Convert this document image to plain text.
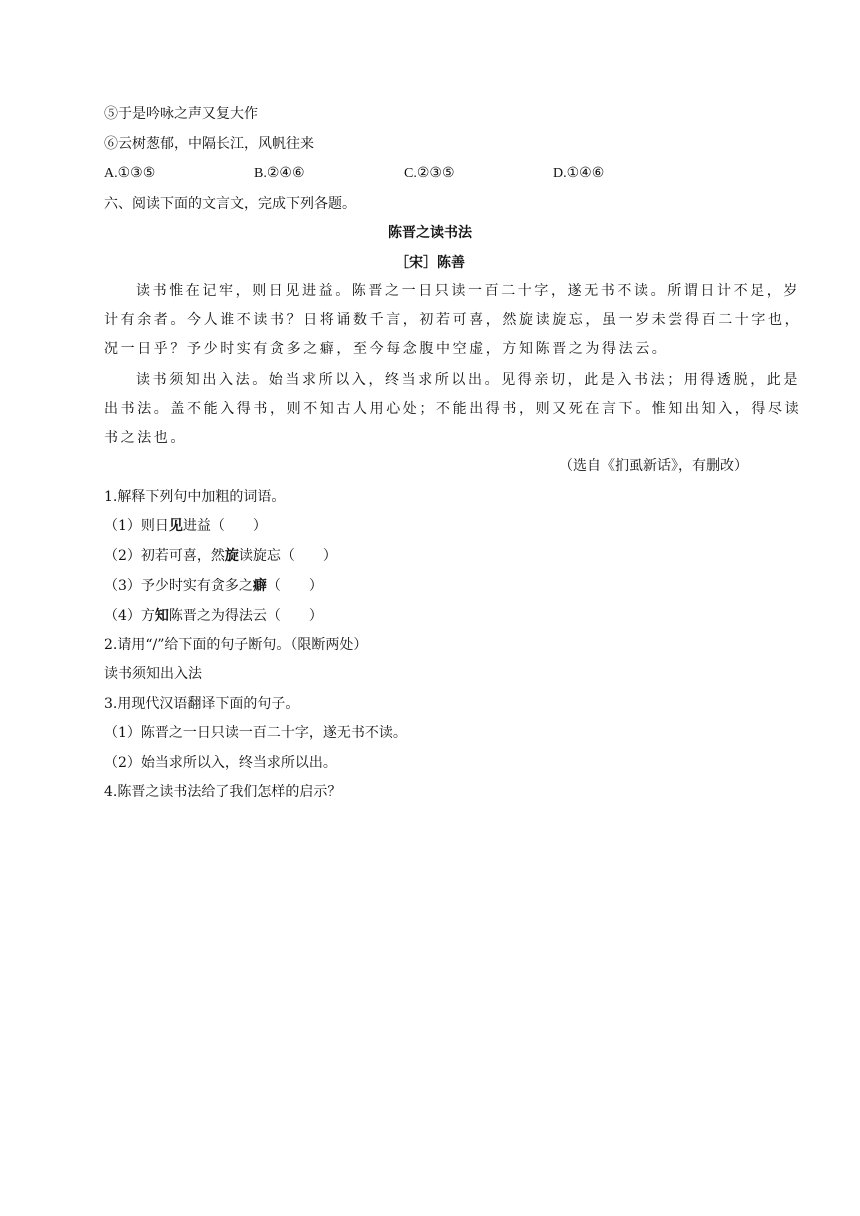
⑤于是吟咏之声又复大作
⑥云树葱郁，中隔长江，风帆往来
A.①③⑤	B.②④⑥	C.②③⑤	D.①④⑥
六、阅读下面的文言文，完成下列各题。
陈晋之读书法
［宋］陈善
读书惟在记牢，则日见进益。陈晋之一日只读一百二十字，遂无书不读。所谓日计不足，岁
计有余者。今人谁不读书？日将诵数千言，初若可喜，然旋读旋忘，虽一岁未尝得百二十字也，
况一日乎？予少时实有贪多之癖，至今每念腹中空虚，方知陈晋之为得法云。
读书须知出入法。始当求所以入，终当求所以出。见得亲切，此是入书法；用得透脱，此是
出书法。盖不能入得书，则不知古人用心处；不能出得书，则又死在言下。惟知出知入，得尽读
书之法也。
（选自《扪虱新话》，有删改）
1.解释下列句中加粗的词语。
（1）则日见进益（　　）
（2）初若可喜，然旋读旋忘（　　）
（3）予少时实有贪多之癖（　　）
（4）方知陈晋之为得法云（　　）
2.请用“/”给下面的句子断句。（限断两处）
读书须知出入法
3.用现代汉语翻译下面的句子。
（1）陈晋之一日只读一百二十字，遂无书不读。
（2）始当求所以入，终当求所以出。
4.陈晋之读书法给了我们怎样的启示？
